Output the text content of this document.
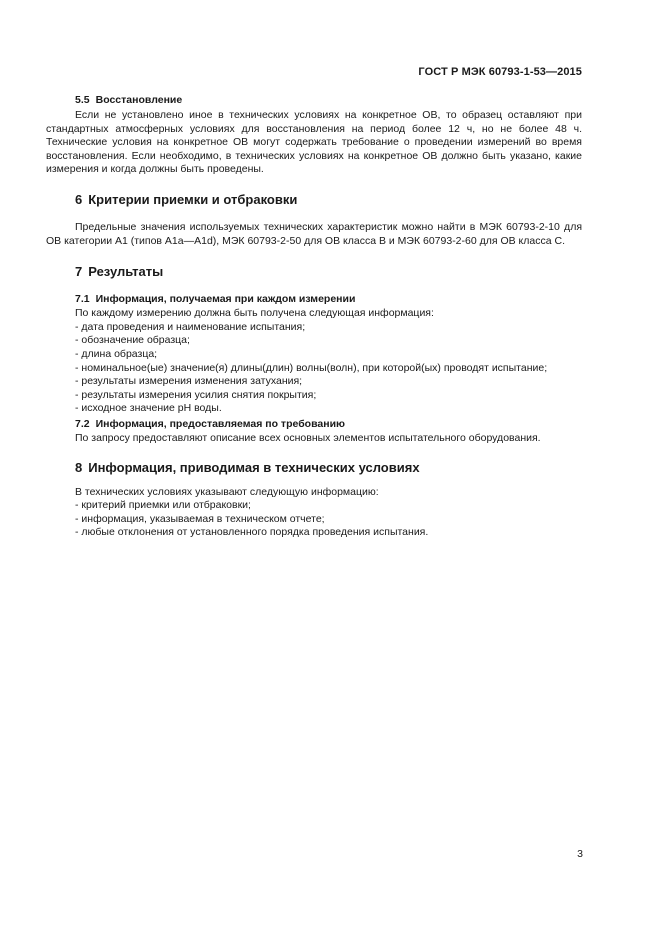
ГОСТ Р МЭК 60793-1-53—2015
5.5 Восстановление

Если не установлено иное в технических условиях на конкретное ОВ, то образец оставляют при стандартных атмосферных условиях для восстановления на период более 12 ч, но не более 48 ч. Технические условия на конкретное ОВ могут содержать требование о проведении измерений во время восстановления. Если необходимо, в технических условиях на конкретное ОВ должно быть указано, какие измерения и когда должны быть проведены.

6 Критерии приемки и отбраковки

Предельные значения используемых технических характеристик можно найти в МЭК 60793-2-10 для ОВ категории А1 (типов А1а—А1d), МЭК 60793-2-50 для ОВ класса В и МЭК 60793-2-60 для ОВ класса С.

7 Результаты
7.1 Информация, получаемая при каждом измерении

По каждому измерению должна быть получена следующая информация:

- дата проведения и наименование испытания;
- обозначение образца;
- длина образца;
- номинальное(ые) значение(я) длины(длин) волны(волн), при которой(ых) проводят испытание;
- результаты измерения изменения затухания;
- результаты измерения усилия снятия покрытия;
- исходное значение pH воды.
7.2 Информация, предоставляемая по требованию

По запросу предоставляют описание всех основных элементов испытательного оборудования.

8 Информация, приводимая в технических условиях

В технических условиях указывают следующую информацию:

- критерий приемки или отбраковки;
- информация, указываемая в техническом отчете;
- любые отклонения от установленного порядка проведения испытания.
3
